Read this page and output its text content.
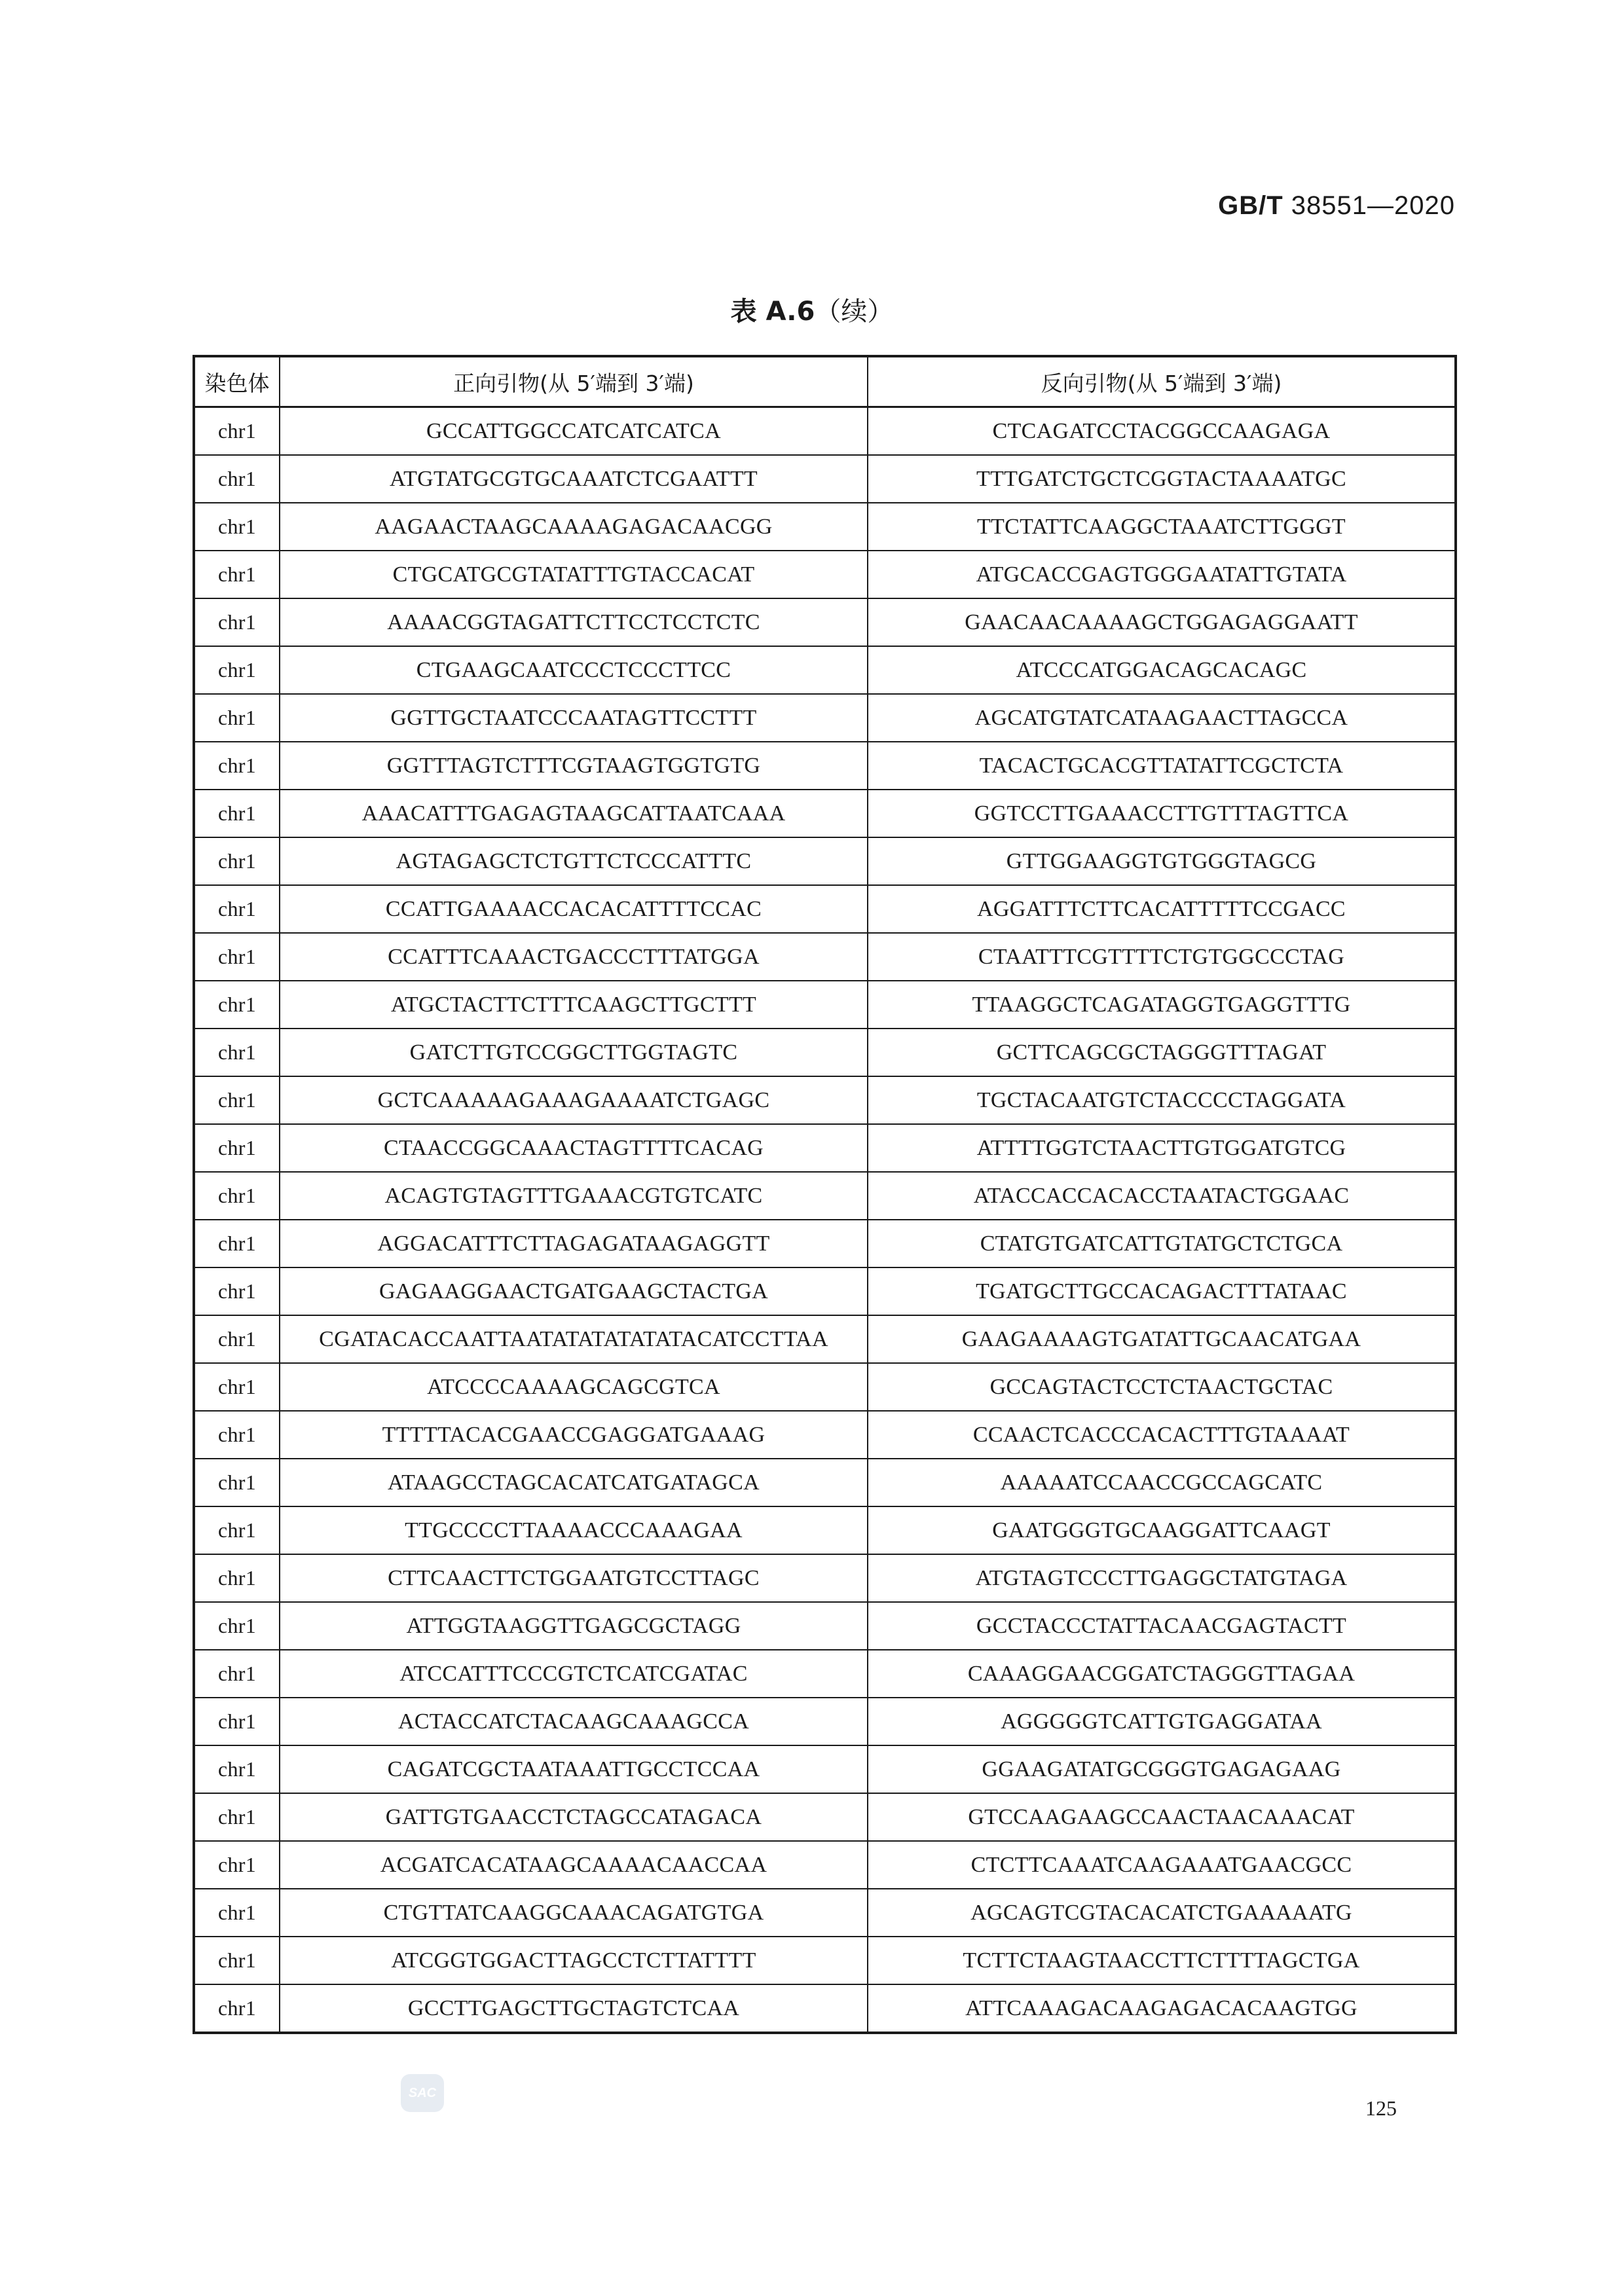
GB/T 38551—2020
表 A.6（续）
染色体	正向引物(从 5′端到 3′端)	反向引物(从 5′端到 3′端)
chr1	GCCATTGGCCATCATCATCA	CTCAGATCCTACGGCCAAGAGA
chr1	ATGTATGCGTGCAAATCTCGAATTT	TTTGATCTGCTCGGTACTAAAATGC
chr1	AAGAACTAAGCAAAAGAGACAACGG	TTCTATTCAAGGCTAAATCTTGGGT
chr1	CTGCATGCGTATATTTGTACCACAT	ATGCACCGAGTGGGAATATTGTATA
chr1	AAAACGGTAGATTCTTCCTCCTCTC	GAACAACAAAAGCTGGAGAGGAATT
chr1	CTGAAGCAATCCCTCCCTTCC	ATCCCATGGACAGCACAGC
chr1	GGTTGCTAATCCCAATAGTTCCTTT	AGCATGTATCATAAGAACTTAGCCA
chr1	GGTTTAGTCTTTCGTAAGTGGTGTG	TACACTGCACGTTATATTCGCTCTA
chr1	AAACATTTGAGAGTAAGCATTAATCAAA	GGTCCTTGAAACCTTGTTTAGTTCA
chr1	AGTAGAGCTCTGTTCTCCCATTTC	GTTGGAAGGTGTGGGTAGCG
chr1	CCATTGAAAACCACACATTTTCCAC	AGGATTTCTTCACATTTTTCCGACC
chr1	CCATTTCAAACTGACCCTTTATGGA	CTAATTTCGTTTTCTGTGGCCCTAG
chr1	ATGCTACTTCTTTCAAGCTTGCTTT	TTAAGGCTCAGATAGGTGAGGTTTG
chr1	GATCTTGTCCGGCTTGGTAGTC	GCTTCAGCGCTAGGGTTTAGAT
chr1	GCTCAAAAAGAAAGAAAATCTGAGC	TGCTACAATGTCTACCCCTAGGATA
chr1	CTAACCGGCAAACTAGTTTTCACAG	ATTTTGGTCTAACTTGTGGATGTCG
chr1	ACAGTGTAGTTTGAAACGTGTCATC	ATACCACCACACCTAATACTGGAAC
chr1	AGGACATTTCTTAGAGATAAGAGGTT	CTATGTGATCATTGTATGCTCTGCA
chr1	GAGAAGGAACTGATGAAGCTACTGA	TGATGCTTGCCACAGACTTTATAAC
chr1	CGATACACCAATTAATATATATATATACATCCTTAA	GAAGAAAAGTGATATTGCAACATGAA
chr1	ATCCCCAAAAGCAGCGTCA	GCCAGTACTCCTCTAACTGCTAC
chr1	TTTTTACACGAACCGAGGATGAAAG	CCAACTCACCCACACTTTGTAAAAT
chr1	ATAAGCCTAGCACATCATGATAGCA	AAAAATCCAACCGCCAGCATC
chr1	TTGCCCCTTAAAACCCAAAGAA	GAATGGGTGCAAGGATTCAAGT
chr1	CTTCAACTTCTGGAATGTCCTTAGC	ATGTAGTCCCTTGAGGCTATGTAGA
chr1	ATTGGTAAGGTTGAGCGCTAGG	GCCTACCCTATTACAACGAGTACTT
chr1	ATCCATTTCCCGTCTCATCGATAC	CAAAGGAACGGATCTAGGGTTAGAA
chr1	ACTACCATCTACAAGCAAAGCCA	AGGGGGTCATTGTGAGGATAA
chr1	CAGATCGCTAATAAATTGCCTCCAA	GGAAGATATGCGGGTGAGAGAAG
chr1	GATTGTGAACCTCTAGCCATAGACA	GTCCAAGAAGCCAACTAACAAACAT
chr1	ACGATCACATAAGCAAAACAACCAA	CTCTTCAAATCAAGAAATGAACGCC
chr1	CTGTTATCAAGGCAAACAGATGTGA	AGCAGTCGTACACATCTGAAAAATG
chr1	ATCGGTGGACTTAGCCTCTTATTTT	TCTTCTAAGTAACCTTCTTTTAGCTGA
chr1	GCCTTGAGCTTGCTAGTCTCAA	ATTCAAAGACAAGAGACACAAGTGG
SAC
125
